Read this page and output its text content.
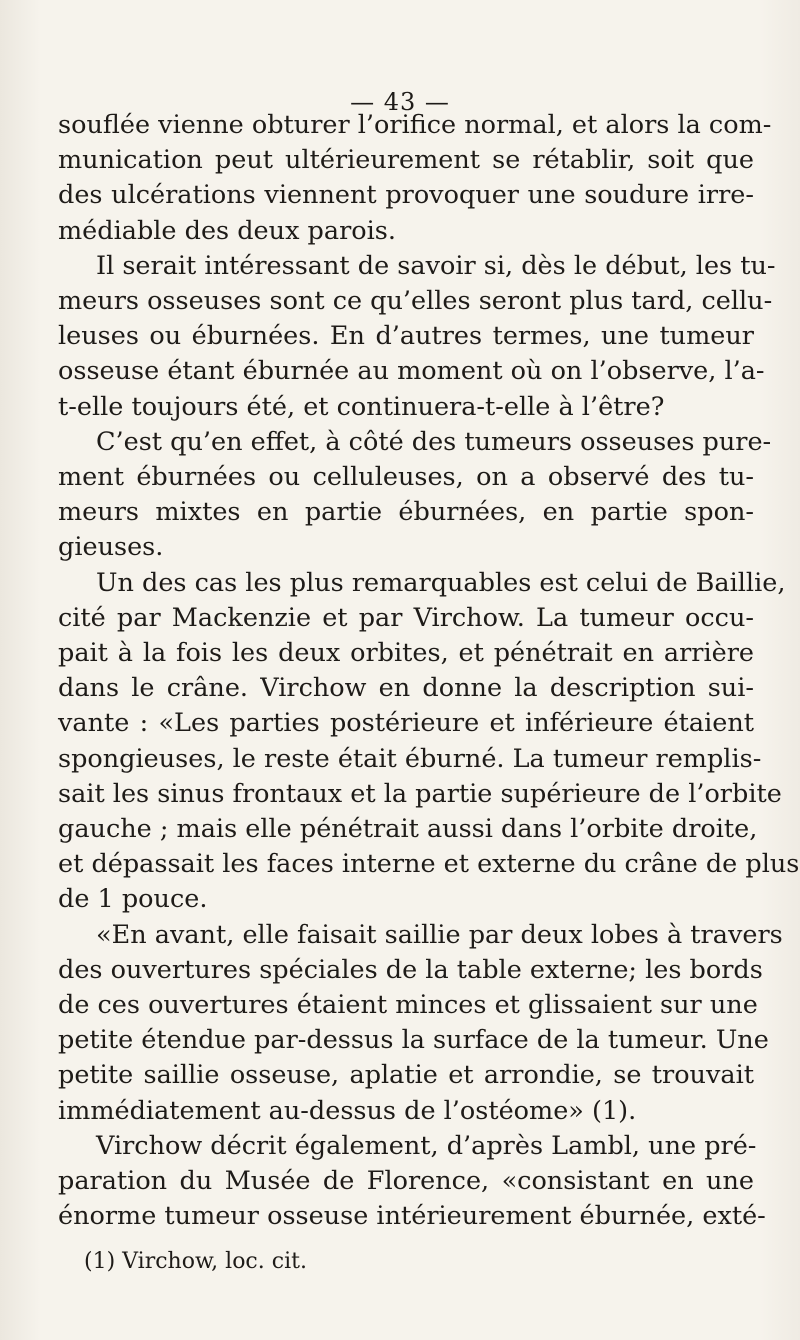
— 43 —
souflée vienne obturer l’orifice normal, et alors la com-
munication peut ultérieurement se rétablir, soit que
des ulcérations viennent provoquer une soudure irre-
médiable des deux parois.
Il serait intéressant de savoir si, dès le début, les tu-
meurs osseuses sont ce qu’elles seront plus tard, cellu-
leuses ou éburnées. En d’autres termes, une tumeur
osseuse étant éburnée au moment où on l’observe, l’a-
t-elle toujours été, et continuera-t-elle à l’être?
C’est qu’en effet, à côté des tumeurs osseuses pure-
ment éburnées ou celluleuses, on a observé des tu-
meurs mixtes en partie éburnées, en partie spon-
gieuses.
Un des cas les plus remarquables est celui de Baillie,
cité par Mackenzie et par Virchow. La tumeur occu-
pait à la fois les deux orbites, et pénétrait en arrière
dans le crâne. Virchow en donne la description sui-
vante : «Les parties postérieure et inférieure étaient
spongieuses, le reste était éburné. La tumeur remplis-
sait les sinus frontaux et la partie supérieure de l’orbite
gauche ; mais elle pénétrait aussi dans l’orbite droite,
et dépassait les faces interne et externe du crâne de plus
de 1 pouce.
«En avant, elle faisait saillie par deux lobes à travers
des ouvertures spéciales de la table externe; les bords
de ces ouvertures étaient minces et glissaient sur une
petite étendue par-dessus la surface de la tumeur. Une
petite saillie osseuse, aplatie et arrondie, se trouvait
immédiatement au-dessus de l’ostéome» (1).
Virchow décrit également, d’après Lambl, une pré-
paration du Musée de Florence, «consistant en une
énorme tumeur osseuse intérieurement éburnée, exté-
(1) Virchow, loc. cit.
